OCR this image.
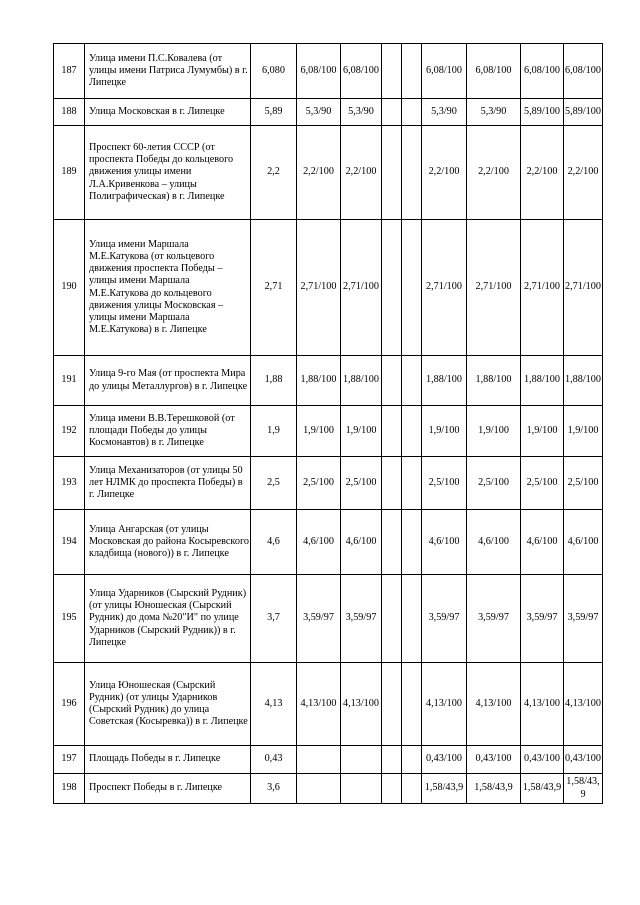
187	Улица имени П.С.Ковалева (от улицы имени Патриса Лумумбы) в г. Липецке	6,080	6,08/100	6,08/100			6,08/100	6,08/100	6,08/100	6,08/100
188	Улица Московская в г. Липецке	5,89	5,3/90	5,3/90			5,3/90	5,3/90	5,89/100	5,89/100
189	Проспект 60-летия СССР (от проспекта Победы до кольцевого движения улицы имени Л.А.Кривенкова – улицы Полиграфическая) в г. Липецке	2,2	2,2/100	2,2/100			2,2/100	2,2/100	2,2/100	2,2/100
190	Улица имени Маршала М.Е.Катукова (от кольцевого движения проспекта Победы – улицы имени Маршала М.Е.Катукова до кольцевого движения улицы Московская – улицы имени Маршала М.Е.Катукова) в г. Липецке	2,71	2,71/100	2,71/100			2,71/100	2,71/100	2,71/100	2,71/100
191	Улица 9-го Мая (от проспекта Мира до улицы Металлургов) в г. Липецке	1,88	1,88/100	1,88/100			1,88/100	1,88/100	1,88/100	1,88/100
192	Улица имени В.В.Терешковой (от площади Победы до улицы Космонавтов) в г. Липецке	1,9	1,9/100	1,9/100			1,9/100	1,9/100	1,9/100	1,9/100
193	Улица Механизаторов (от улицы 50 лет НЛМК до проспекта Победы) в г. Липецке	2,5	2,5/100	2,5/100			2,5/100	2,5/100	2,5/100	2,5/100
194	Улица Ангарская (от улицы Московская до района Косыревского кладбища (нового)) в г. Липецке	4,6	4,6/100	4,6/100			4,6/100	4,6/100	4,6/100	4,6/100
195	Улица Ударников (Сырский Рудник) (от улицы Юношеская (Сырский Рудник) до дома №20"И" по улице Ударников (Сырский Рудник)) в г. Липецке	3,7	3,59/97	3,59/97			3,59/97	3,59/97	3,59/97	3,59/97
196	Улица Юношеская (Сырский Рудник) (от улицы Ударников (Сырский Рудник) до улица Советская (Косыревка)) в г. Липецке	4,13	4,13/100	4,13/100			4,13/100	4,13/100	4,13/100	4,13/100
197	Площадь Победы в г. Липецке	0,43					0,43/100	0,43/100	0,43/100	0,43/100
198	Проспект Победы в г. Липецке	3,6					1,58/43,9	1,58/43,9	1,58/43,9	1,58/43,9
